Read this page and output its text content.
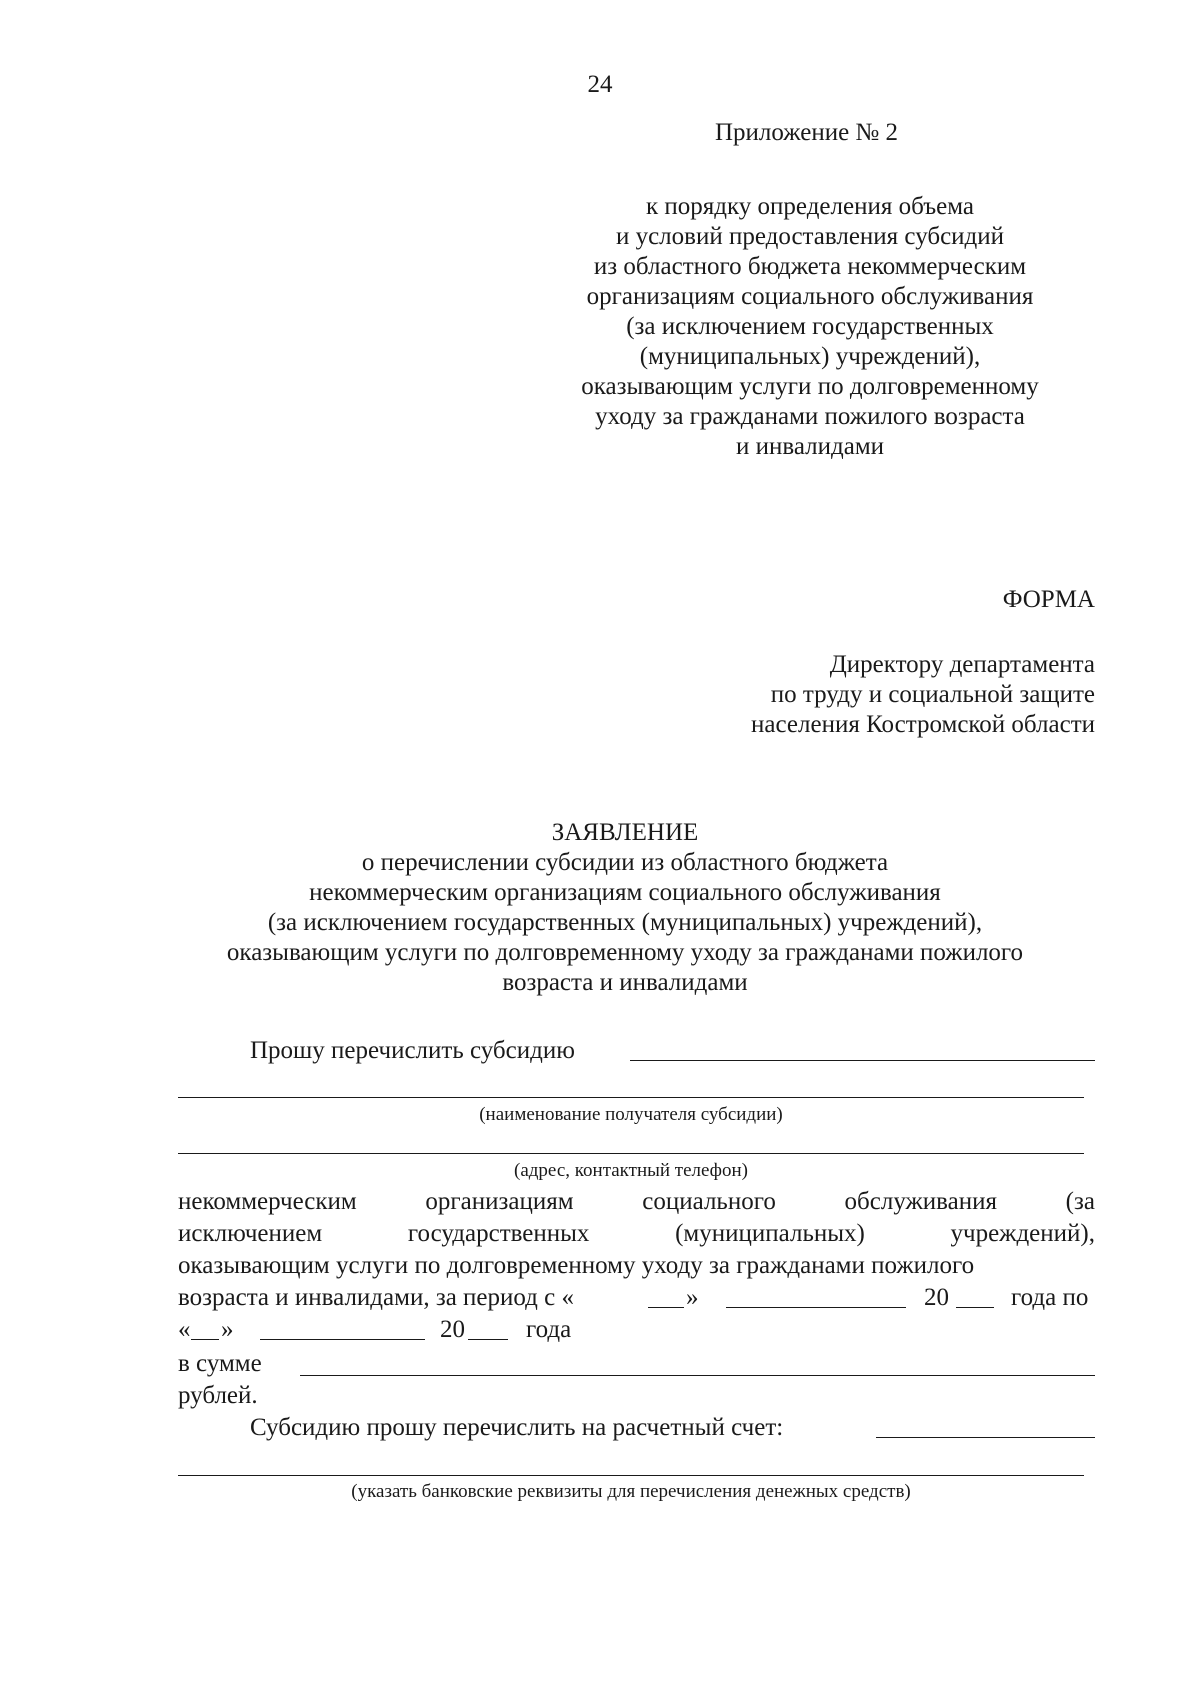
24
Приложение № 2
к порядку определения объема
и условий предоставления субсидий
из областного бюджета некоммерческим
организациям социального обслуживания
(за исключением государственных
(муниципальных) учреждений),
оказывающим услуги по долговременному
уходу за гражданами пожилого возраста
и инвалидами
ФОРМА
Директору департамента
по труду и социальной защите
населения Костромской области
ЗАЯВЛЕНИЕ
о перечислении субсидии из областного бюджета
некоммерческим организациям социального обслуживания
(за исключением государственных (муниципальных) учреждений),
оказывающим услуги по долговременному уходу за гражданами пожилого
возраста и инвалидами
Прошу перечислить субсидию
(наименование получателя субсидии)
(адрес, контактный телефон)
некоммерческим	организациям	социального	обслуживания	(за
исключением	государственных	(муниципальных)	учреждений),
оказывающим услуги по долговременному уходу за гражданами пожилого
возраста и инвалидами, за период с «	»	20 года по
« »	20 года
в сумме
рублей.
Субсидию прошу перечислить на расчетный счет:
(указать банковские реквизиты для перечисления денежных средств)
